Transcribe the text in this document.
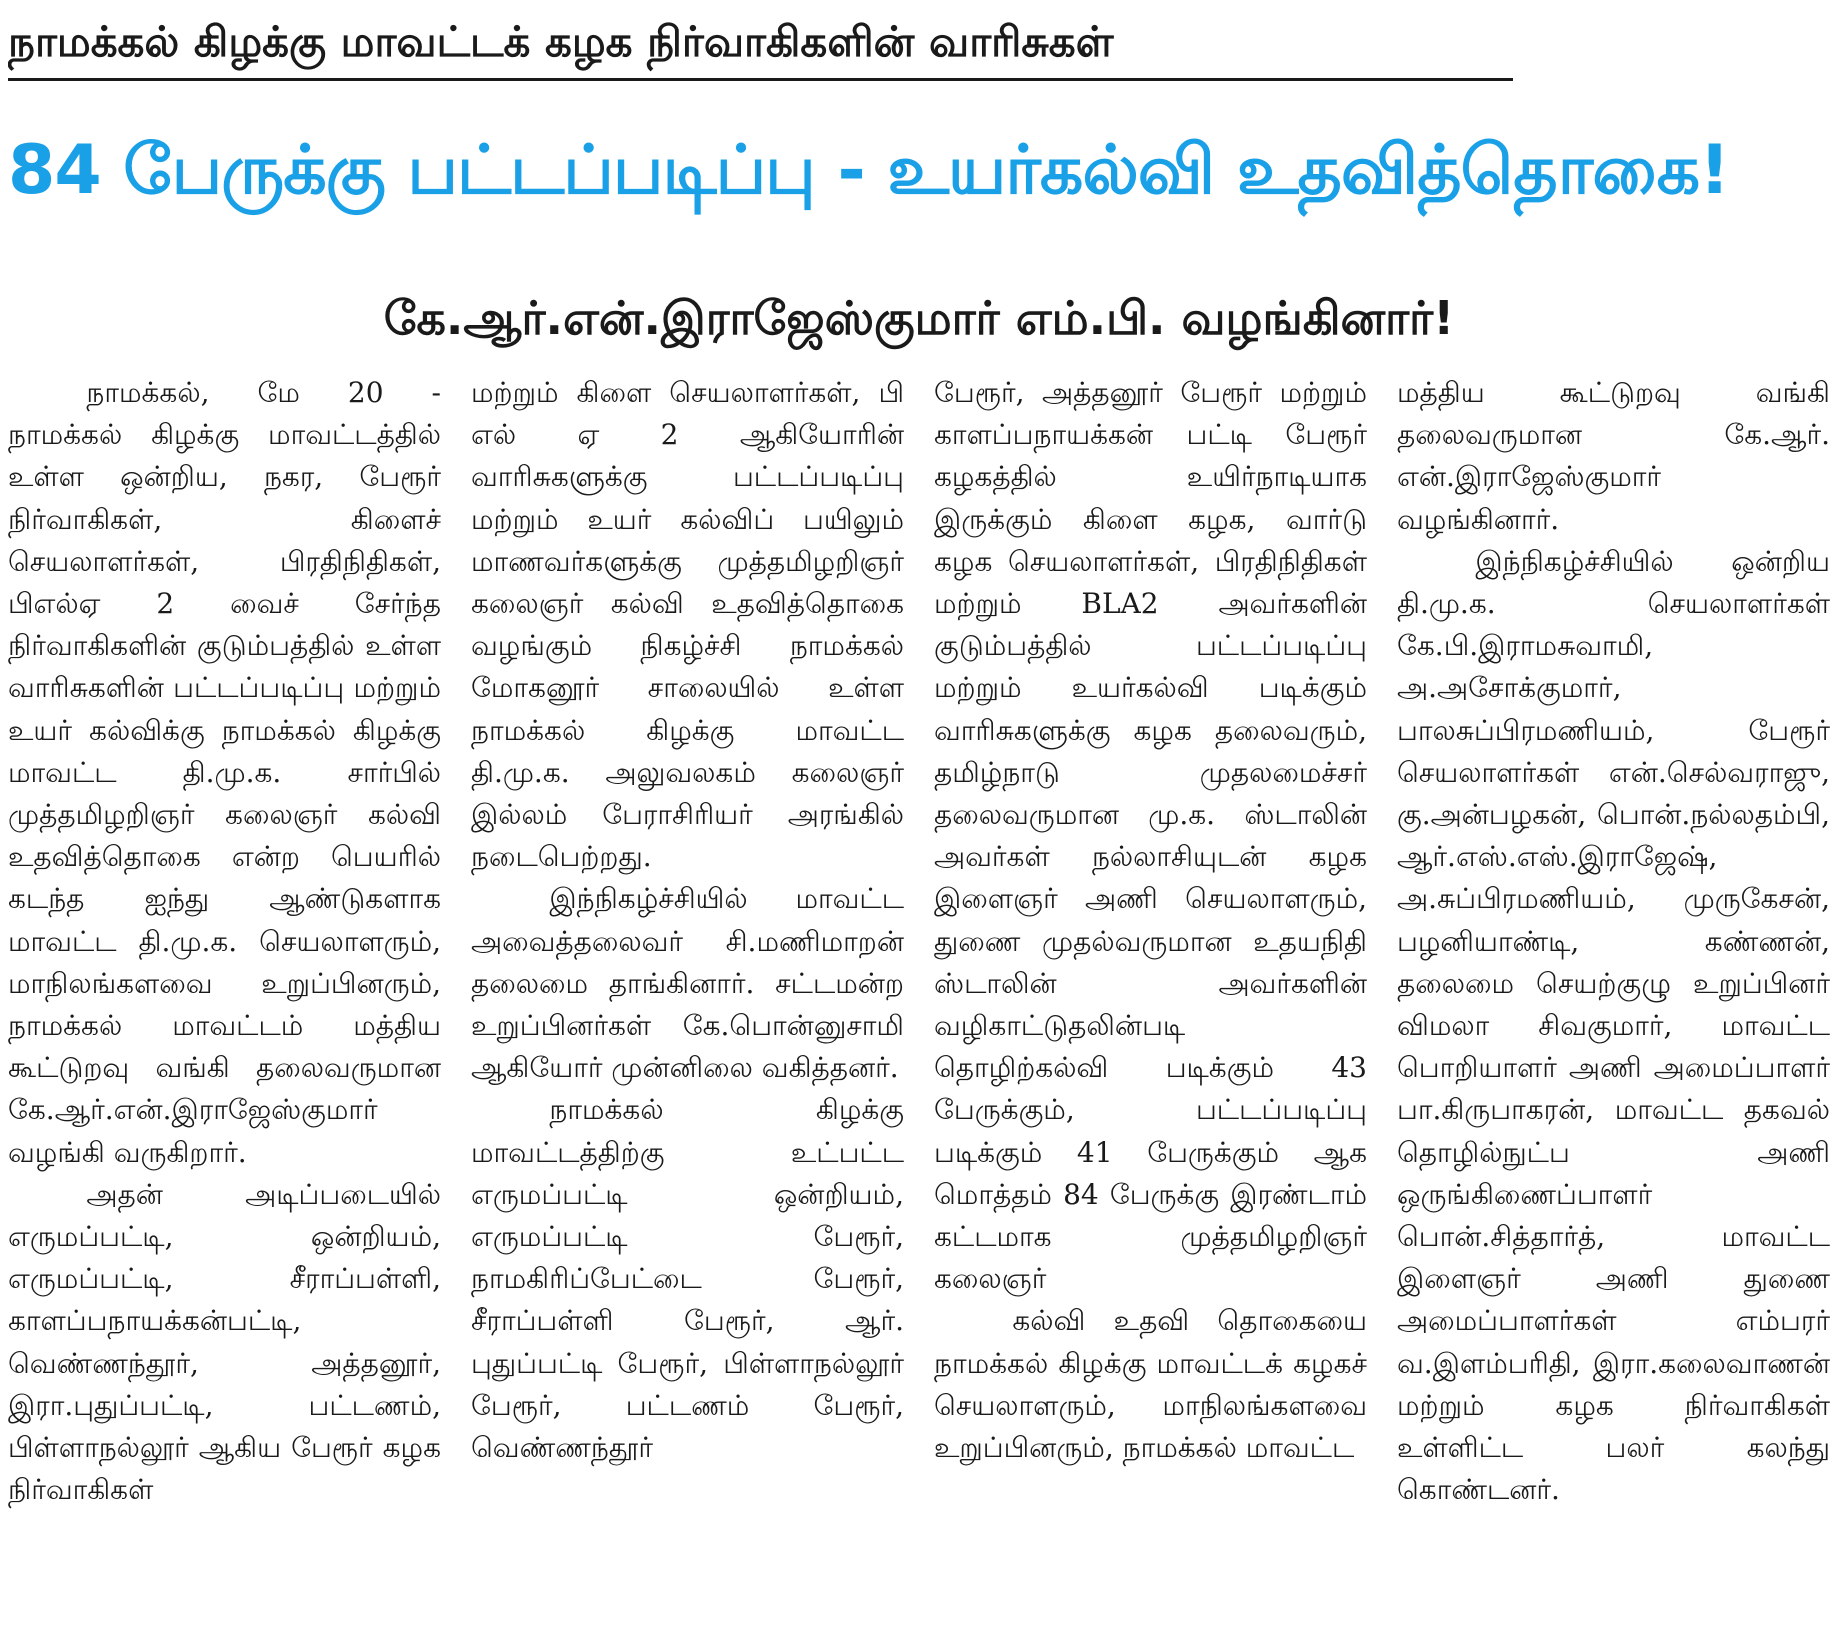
நாமக்கல் கிழக்கு மாவட்டக் கழக நிர்வாகிகளின் வாரிசுகள்
84 பேருக்கு பட்டப்படிப்பு - உயர்கல்வி உதவித்தொகை!
கே.ஆர்.என்.இராஜேஸ்குமார் எம்.பி. வழங்கினார்!

நாமக்கல், மே 20 - நாமக்கல் கிழக்கு மாவட்டத்தில் உள்ள ஒன்றிய, நகர, பேரூர் நிர்வாகிகள், கிளைச் செயலாளர்கள், பிரதிநிதிகள், பிஎல்ஏ 2 வைச் சேர்ந்த நிர்வாகிகளின் குடும்பத்தில் உள்ள வாரிசுகளின் பட்டப்படிப்பு மற்றும் உயர் கல்விக்கு நாமக்கல் கிழக்கு மாவட்ட தி.மு.க. சார்பில் முத்தமிழறிஞர் கலைஞர் கல்வி உதவித்தொகை என்ற பெயரில் கடந்த ஐந்து ஆண்டுகளாக மாவட்ட தி.மு.க. செயலாளரும், மாநிலங்களவை உறுப்பினரும், நாமக்கல் மாவட்டம் மத்திய கூட்டுறவு வங்கி தலைவருமான கே.ஆர்.என்.இராஜேஸ்குமார் வழங்கி வருகிறார்.

அதன் அடிப்படையில் எருமப்பட்டி, ஒன்றியம், எருமப்பட்டி, சீராப்பள்ளி, காளப்பநாயக்கன்பட்டி, வெண்ணந்தூர், அத்தனூர், இரா.புதுப்பட்டி, பட்டணம், பிள்ளாநல்லூர் ஆகிய பேரூர் கழக நிர்வாகிகள்

மற்றும் கிளை செயலாளர்கள், பி எல் ஏ 2 ஆகியோரின் வாரிசுகளுக்கு பட்டப்படிப்பு மற்றும் உயர் கல்விப் பயிலும் மாணவர்களுக்கு முத்தமிழறிஞர் கலைஞர் கல்வி உதவித்தொகை வழங்கும் நிகழ்ச்சி நாமக்கல் மோகனூர் சாலையில் உள்ள நாமக்கல் கிழக்கு மாவட்ட தி.மு.க. அலுவலகம் கலைஞர் இல்லம் பேராசிரியர் அரங்கில் நடைபெற்றது.

இந்நிகழ்ச்சியில் மாவட்ட அவைத்தலைவர் சி.மணிமாறன் தலைமை தாங்கினார். சட்டமன்ற உறுப்பினர்கள் கே.பொன்னுசாமி ஆகியோர் முன்னிலை வகித்தனர்.

நாமக்கல் கிழக்கு மாவட்டத்திற்கு உட்பட்ட எருமப்பட்டி ஒன்றியம், எருமப்பட்டி பேரூர், நாமகிரிப்பேட்டை பேரூர், சீராப்பள்ளி பேரூர், ஆர். புதுப்பட்டி பேரூர், பிள்ளாநல்லூர் பேரூர், பட்டணம் பேரூர், வெண்ணந்தூர்

பேரூர், அத்தனூர் பேரூர் மற்றும் காளப்பநாயக்கன் பட்டி பேரூர் கழகத்தில் உயிர்நாடியாக இருக்கும் கிளை கழக, வார்டு கழக செயலாளர்கள், பிரதிநிதிகள் மற்றும் BLA2 அவர்களின் குடும்பத்தில் பட்டப்படிப்பு மற்றும் உயர்கல்வி படிக்கும் வாரிசுகளுக்கு கழக தலைவரும், தமிழ்நாடு முதலமைச்சர் தலைவருமான மு.க. ஸ்டாலின் அவர்கள் நல்லாசியுடன் கழக இளைஞர் அணி செயலாளரும், துணை முதல்வருமான உதயநிதி ஸ்டாலின் அவர்களின் வழிகாட்டுதலின்படி தொழிற்கல்வி படிக்கும் 43 பேருக்கும், பட்டப்படிப்பு படிக்கும் 41 பேருக்கும் ஆக மொத்தம் 84 பேருக்கு இரண்டாம் கட்டமாக முத்தமிழறிஞர் கலைஞர்

கல்வி உதவி தொகையை நாமக்கல் கிழக்கு மாவட்டக் கழகச் செயலாளரும், மாநிலங்களவை உறுப்பினரும், நாமக்கல் மாவட்ட

மத்திய கூட்டுறவு வங்கி தலைவருமான கே.ஆர். என்.இராஜேஸ்குமார் வழங்கினார்.

இந்நிகழ்ச்சியில் ஒன்றிய தி.மு.க. செயலாளர்கள் கே.பி.இராமசுவாமி, அ.அசோக்குமார், பாலசுப்பிரமணியம், பேரூர் செயலாளர்கள் என்.செல்வராஜு, கு.அன்பழகன், பொன்.நல்லதம்பி, ஆர்.எஸ்.எஸ்.இராஜேஷ், அ.சுப்பிரமணியம், முருகேசன், பழனியாண்டி, கண்ணன், தலைமை செயற்குழு உறுப்பினர் விமலா சிவகுமார், மாவட்ட பொறியாளர் அணி அமைப்பாளர் பா.கிருபாகரன், மாவட்ட தகவல் தொழில்நுட்ப அணி ஒருங்கிணைப்பாளர் பொன்.சித்தார்த், மாவட்ட இளைஞர் அணி துணை அமைப்பாளர்கள் எம்பரர் வ.இளம்பரிதி, இரா.கலைவாணன் மற்றும் கழக நிர்வாகிகள் உள்ளிட்ட பலர் கலந்து கொண்டனர்.
